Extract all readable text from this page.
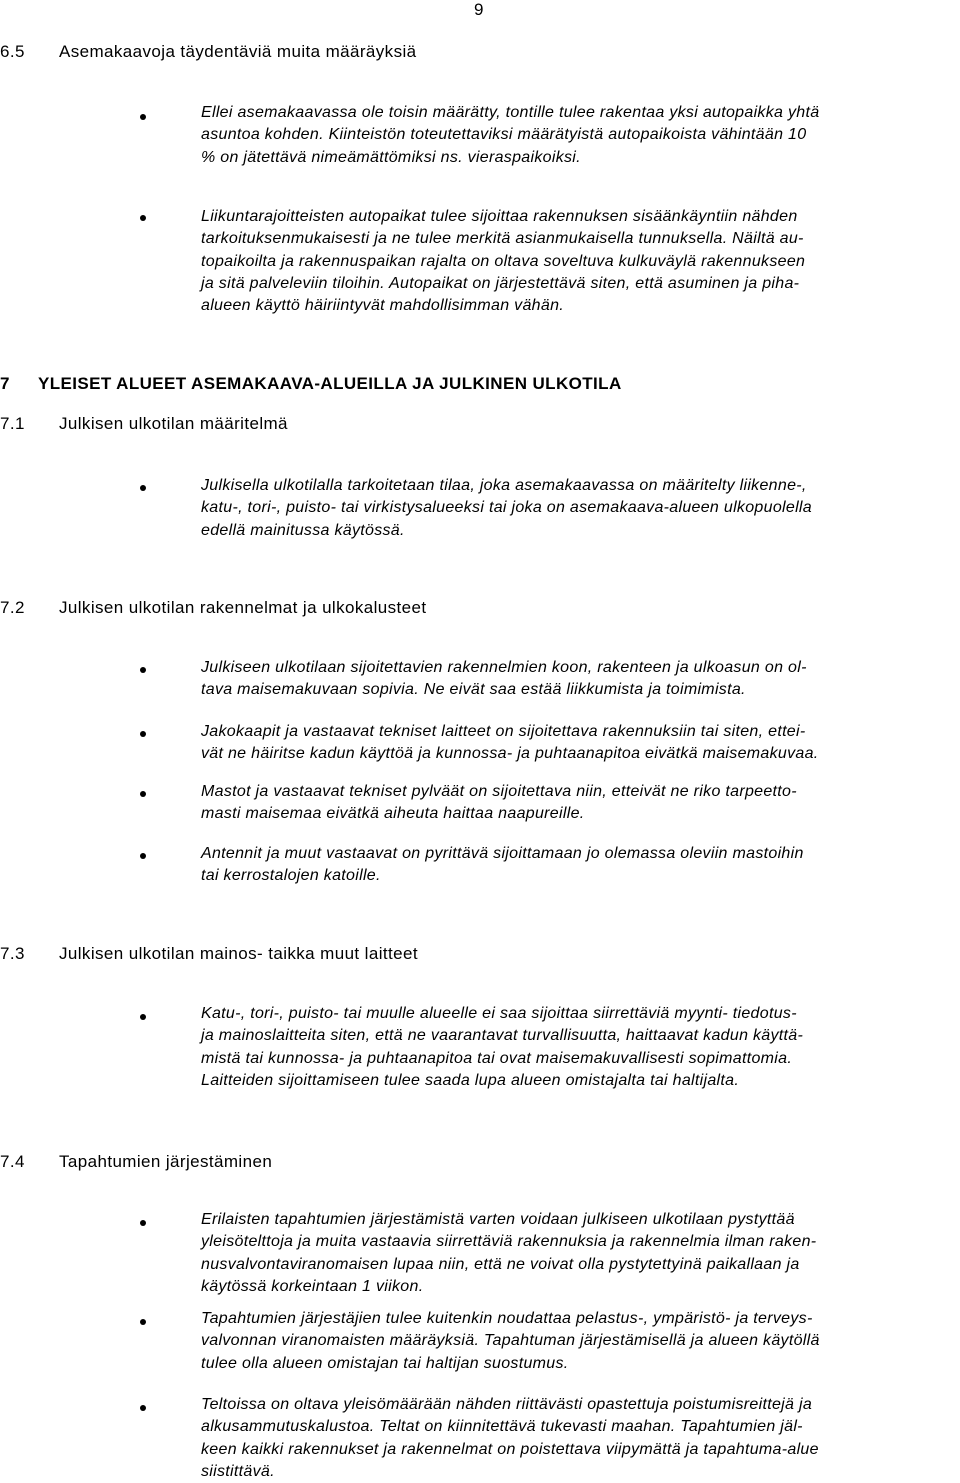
9
6.5 Asemakaavoja täydentäviä muita määräyksiä
Ellei asemakaavassa ole toisin määrätty, tontille tulee rakentaa yksi autopaikka yhtä
asuntoa kohden. Kiinteistön toteutettaviksi määrätyistä autopaikoista vähintään 10
% on jätettävä nimeämättömiksi ns. vieraspaikoiksi.
Liikuntarajoitteisten autopaikat tulee sijoittaa rakennuksen sisäänkäyntiin nähden
tarkoituksenmukaisesti ja ne tulee merkitä asianmukaisella tunnuksella. Näiltä au-
topaikoilta ja rakennuspaikan rajalta on oltava soveltuva kulkuväylä rakennukseen
ja sitä palveleviin tiloihin. Autopaikat on järjestettävä siten, että asuminen ja piha-
alueen käyttö häiriintyvät mahdollisimman vähän.
7 YLEISET ALUEET ASEMAKAAVA-ALUEILLA JA JULKINEN ULKOTILA
7.1 Julkisen ulkotilan määritelmä
Julkisella ulkotilalla tarkoitetaan tilaa, joka asemakaavassa on määritelty liikenne-,
katu-, tori-, puisto- tai virkistysalueeksi tai joka on asemakaava-alueen ulkopuolella
edellä mainitussa käytössä.
7.2 Julkisen ulkotilan rakennelmat ja ulkokalusteet
Julkiseen ulkotilaan sijoitettavien rakennelmien koon, rakenteen ja ulkoasun on ol-
tava maisemakuvaan sopivia. Ne eivät saa estää liikkumista ja toimimista.
Jakokaapit ja vastaavat tekniset laitteet on sijoitettava rakennuksiin tai siten, ettei-
vät ne häiritse kadun käyttöä ja kunnossa- ja puhtaanapitoa eivätkä maisemakuvaa.
Mastot ja vastaavat tekniset pylväät on sijoitettava niin, etteivät ne riko tarpeetto-
masti maisemaa eivätkä aiheuta haittaa naapureille.
Antennit ja muut vastaavat on pyrittävä sijoittamaan jo olemassa oleviin mastoihin
tai kerrostalojen katoille.
7.3 Julkisen ulkotilan mainos- taikka muut laitteet
Katu-, tori-, puisto- tai muulle alueelle ei saa sijoittaa siirrettäviä myynti- tiedotus-
ja mainoslaitteita siten, että ne vaarantavat turvallisuutta, haittaavat kadun käyttä-
mistä tai kunnossa- ja puhtaanapitoa tai ovat maisemakuvallisesti sopimattomia.
Laitteiden sijoittamiseen tulee saada lupa alueen omistajalta tai haltijalta.
7.4 Tapahtumien järjestäminen
Erilaisten tapahtumien järjestämistä varten voidaan julkiseen ulkotilaan pystyttää
yleisötelttoja ja muita vastaavia siirrettäviä rakennuksia ja rakennelmia ilman raken-
nusvalvontaviranomaisen lupaa niin, että ne voivat olla pystytettyinä paikallaan ja
käytössä korkeintaan 1 viikon.
Tapahtumien järjestäjien tulee kuitenkin noudattaa pelastus-, ympäristö- ja terveys-
valvonnan viranomaisten määräyksiä. Tapahtuman järjestämisellä ja alueen käytöllä
tulee olla alueen omistajan tai haltijan suostumus.
Teltoissa on oltava yleisömäärään nähden riittävästi opastettuja poistumisreittejä ja
alkusammutuskalustoa. Teltat on kiinnitettävä tukevasti maahan. Tapahtumien jäl-
keen kaikki rakennukset ja rakennelmat on poistettava viipymättä ja tapahtuma-alue
siistittävä.
